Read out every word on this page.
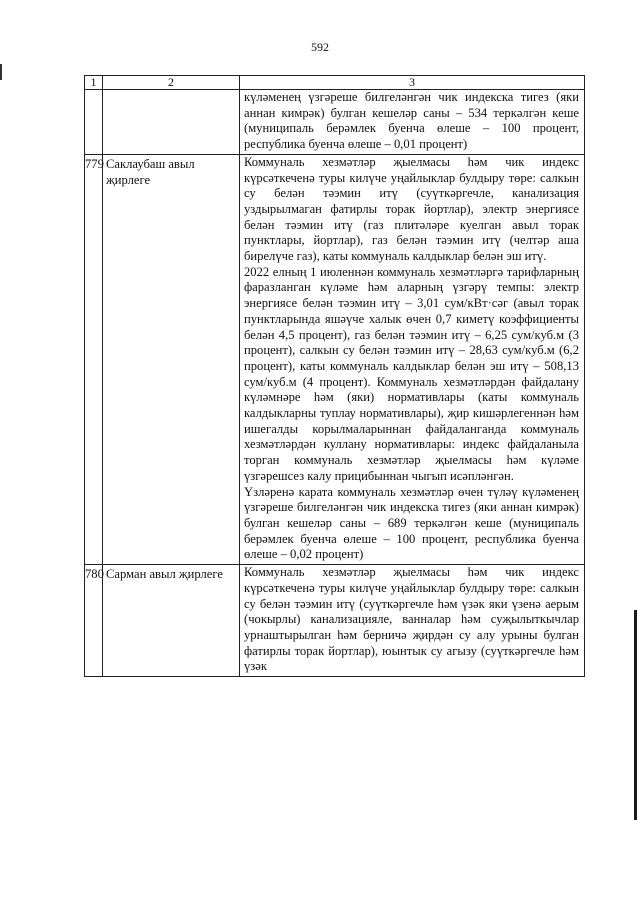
592
1	2	3

		күләменең үзгәреше билгеләнгән чик индекска тигез (яки аннан кимрәк) булган кешеләр саны – 534 теркәлгән кеше (муниципаль берәмлек буенча өлеше – 100 процент, республика буенча өлеше – 0,01 процент)

779	Саклаубаш авыл җирлеге	Коммуналь хезмәтләр җыелмасы һәм чик индекс күрсәткеченә туры килүче уңайлыклар булдыру төре: салкын су белән тәэмин итү (суүткәргечле, канализация уздырылмаган фатирлы торак йортлар), электр энергиясе белән тәэмин итү (газ плитәләре куелган авыл торак пунктлары, йортлар), газ белән тәэмин итү (челтәр аша бирелүче газ), каты коммуналь калдыклар белән эш итү.
2022 елның 1 июленнән коммуналь хезмәтләргә тарифларның фаразланган күләме һәм аларның үзгәрү темпы: электр энергиясе белән тәэмин итү – 3,01 сум/кВт·сәг (авыл торак пунктларында яшәүче халык өчен 0,7 киметү коэффициенты белән 4,5 процент), газ белән тәэмин итү – 6,25 сум/куб.м (3 процент), салкын су белән тәэмин итү – 28,63 сум/куб.м (6,2 процент), каты коммуналь калдыклар белән эш итү – 508,13 сум/куб.м (4 процент). Коммуналь хезмәтләрдән файдалану күләмнәре һәм (яки) нормативлары (каты коммуналь калдыкларны туплау нормативлары), җир кишәрлегеннән һәм ишегалды корылмаларыннан файдаланганда коммуналь хезмәтләрдән куллану нормативлары: индекс файдаланыла торган коммуналь хезмәтләр җыелмасы һәм күләме үзгәрешсез калу прицибыннан чыгып исәпләнгән.
Үзләренә карата коммуналь хезмәтләр өчен түләү күләменең үзгәреше билгеләнгән чик индекска тигез (яки аннан кимрәк) булган кешеләр саны – 689 теркәлгән кеше (муниципаль берәмлек буенча өлеше – 100 процент, республика буенча өлеше – 0,02 процент)

780	Сарман авыл җирлеге	Коммуналь хезмәтләр җыелмасы һәм чик индекс күрсәткеченә туры килүче уңайлыклар булдыру төре: салкын су белән тәэмин итү (суүткәргечле һәм үзәк яки үзенә аерым (чокырлы) канализацияле, ванналар һәм суҗылыткычлар урнаштырылган һәм берничә җирдән су алу урыны булган фатирлы торак йортлар), юынтык су агызу (суүткәргечле һәм үзәк
